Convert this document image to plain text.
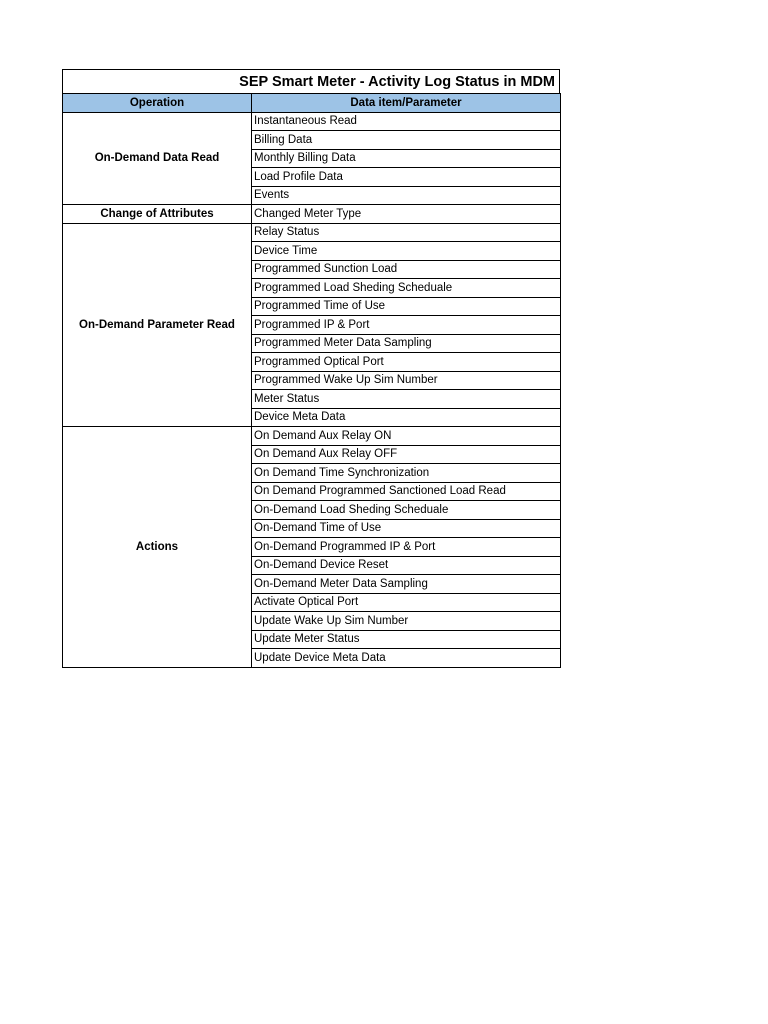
SEP Smart Meter - Activity Log Status in MDM
Operation	Data item/Parameter
On-Demand Data Read	Instantaneous Read
	Billing Data
	Monthly Billing Data
	Load Profile Data
	Events
Change of Attributes	Changed Meter Type
On-Demand Parameter Read	Relay Status
	Device Time
	Programmed Sunction Load
	Programmed Load Sheding Scheduale
	Programmed Time of Use
	Programmed IP & Port
	Programmed Meter Data Sampling
	Programmed Optical Port
	Programmed Wake Up Sim Number
	Meter Status
	Device Meta Data
Actions	On Demand Aux Relay ON
	On Demand Aux Relay OFF
	On Demand Time Synchronization
	On Demand Programmed Sanctioned Load Read
	On-Demand Load Sheding Scheduale
	On-Demand Time of Use
	On-Demand Programmed IP & Port
	On-Demand Device Reset
	On-Demand Meter Data Sampling
	Activate Optical Port
	Update Wake Up Sim Number
	Update Meter Status
	Update Device Meta Data
